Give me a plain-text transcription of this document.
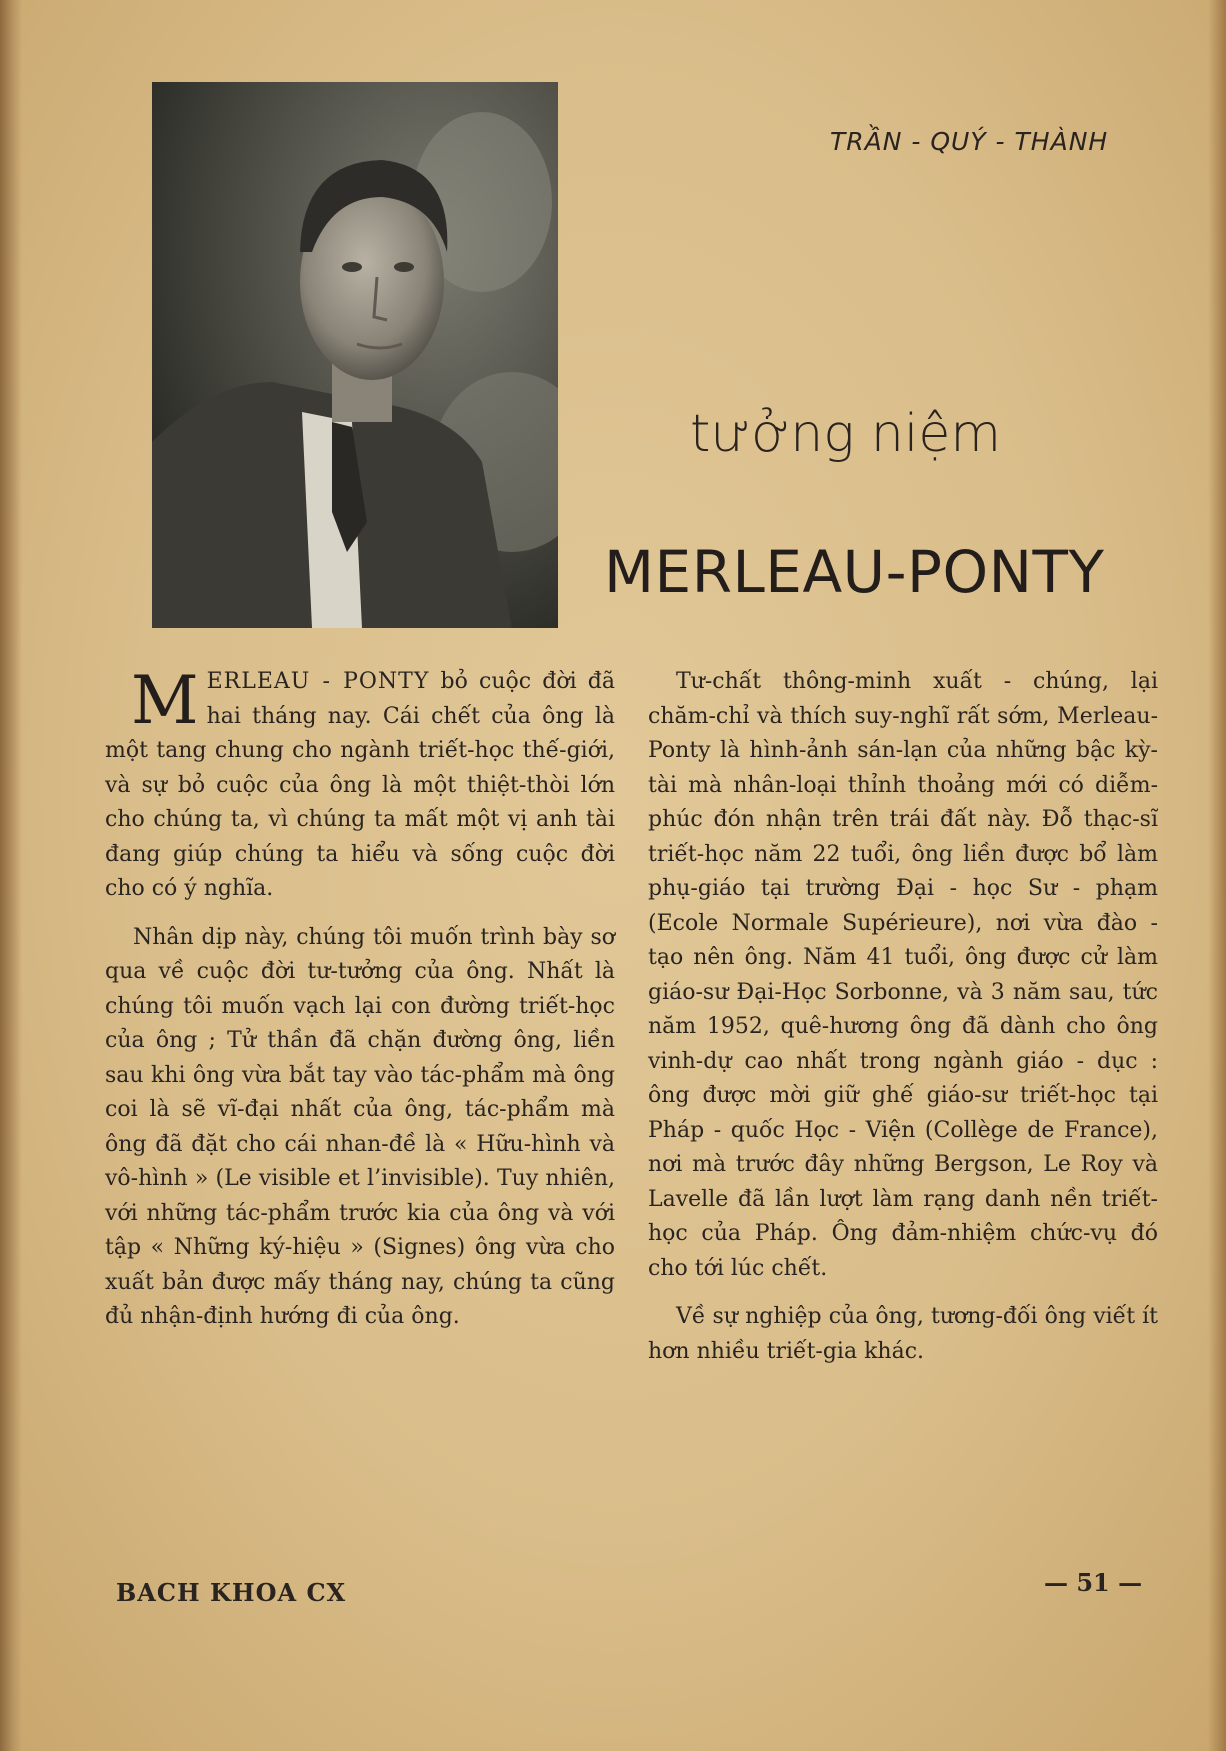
TRẦN - QUÝ - THÀNH
tưởng niệm
MERLEAU-PONTY

MERLEAU - PONTY bỏ cuộc đời đã hai tháng nay. Cái chết của ông là một tang chung cho ngành triết-học thế-giới, và sự bỏ cuộc của ông là một thiệt-thòi lớn cho chúng ta, vì chúng ta mất một vị anh tài đang giúp chúng ta hiểu và sống cuộc đời cho có ý nghĩa.

Nhân dịp này, chúng tôi muốn trình bày sơ qua về cuộc đời tư-tưởng của ông. Nhất là chúng tôi muốn vạch lại con đường triết-học của ông ; Tử thần đã chặn đường ông, liền sau khi ông vừa bắt tay vào tác-phẩm mà ông coi là sẽ vĩ-đại nhất của ông, tác-phẩm mà ông đã đặt cho cái nhan-đề là « Hữu-hình và vô-hình » (Le visible et l’invisible). Tuy nhiên, với những tác-phẩm trước kia của ông và với tập « Những ký-hiệu » (Signes) ông vừa cho xuất bản được mấy tháng nay, chúng ta cũng đủ nhận-định hướng đi của ông.

Tư-chất thông-minh xuất - chúng, lại chăm-chỉ và thích suy-nghĩ rất sớm, Merleau-Ponty là hình-ảnh sán-lạn của những bậc kỳ-tài mà nhân-loại thỉnh thoảng mới có diễm-phúc đón nhận trên trái đất này. Đỗ thạc-sĩ triết-học năm 22 tuổi, ông liền được bổ làm phụ-giáo tại trường Đại - học Sư - phạm (Ecole Normale Supérieure), nơi vừa đào - tạo nên ông. Năm 41 tuổi, ông được cử làm giáo-sư Đại-Học Sorbonne, và 3 năm sau, tức năm 1952, quê-hương ông đã dành cho ông vinh-dự cao nhất trong ngành giáo - dục : ông được mời giữ ghế giáo-sư triết-học tại Pháp - quốc Học - Viện (Collège de France), nơi mà trước đây những Bergson, Le Roy và Lavelle đã lần lượt làm rạng danh nền triết-học của Pháp. Ông đảm-nhiệm chức-vụ đó cho tới lúc chết.

Về sự nghiệp của ông, tương-đối ông viết ít hơn nhiều triết-gia khác.

BACH KHOA CX	— 51 —
